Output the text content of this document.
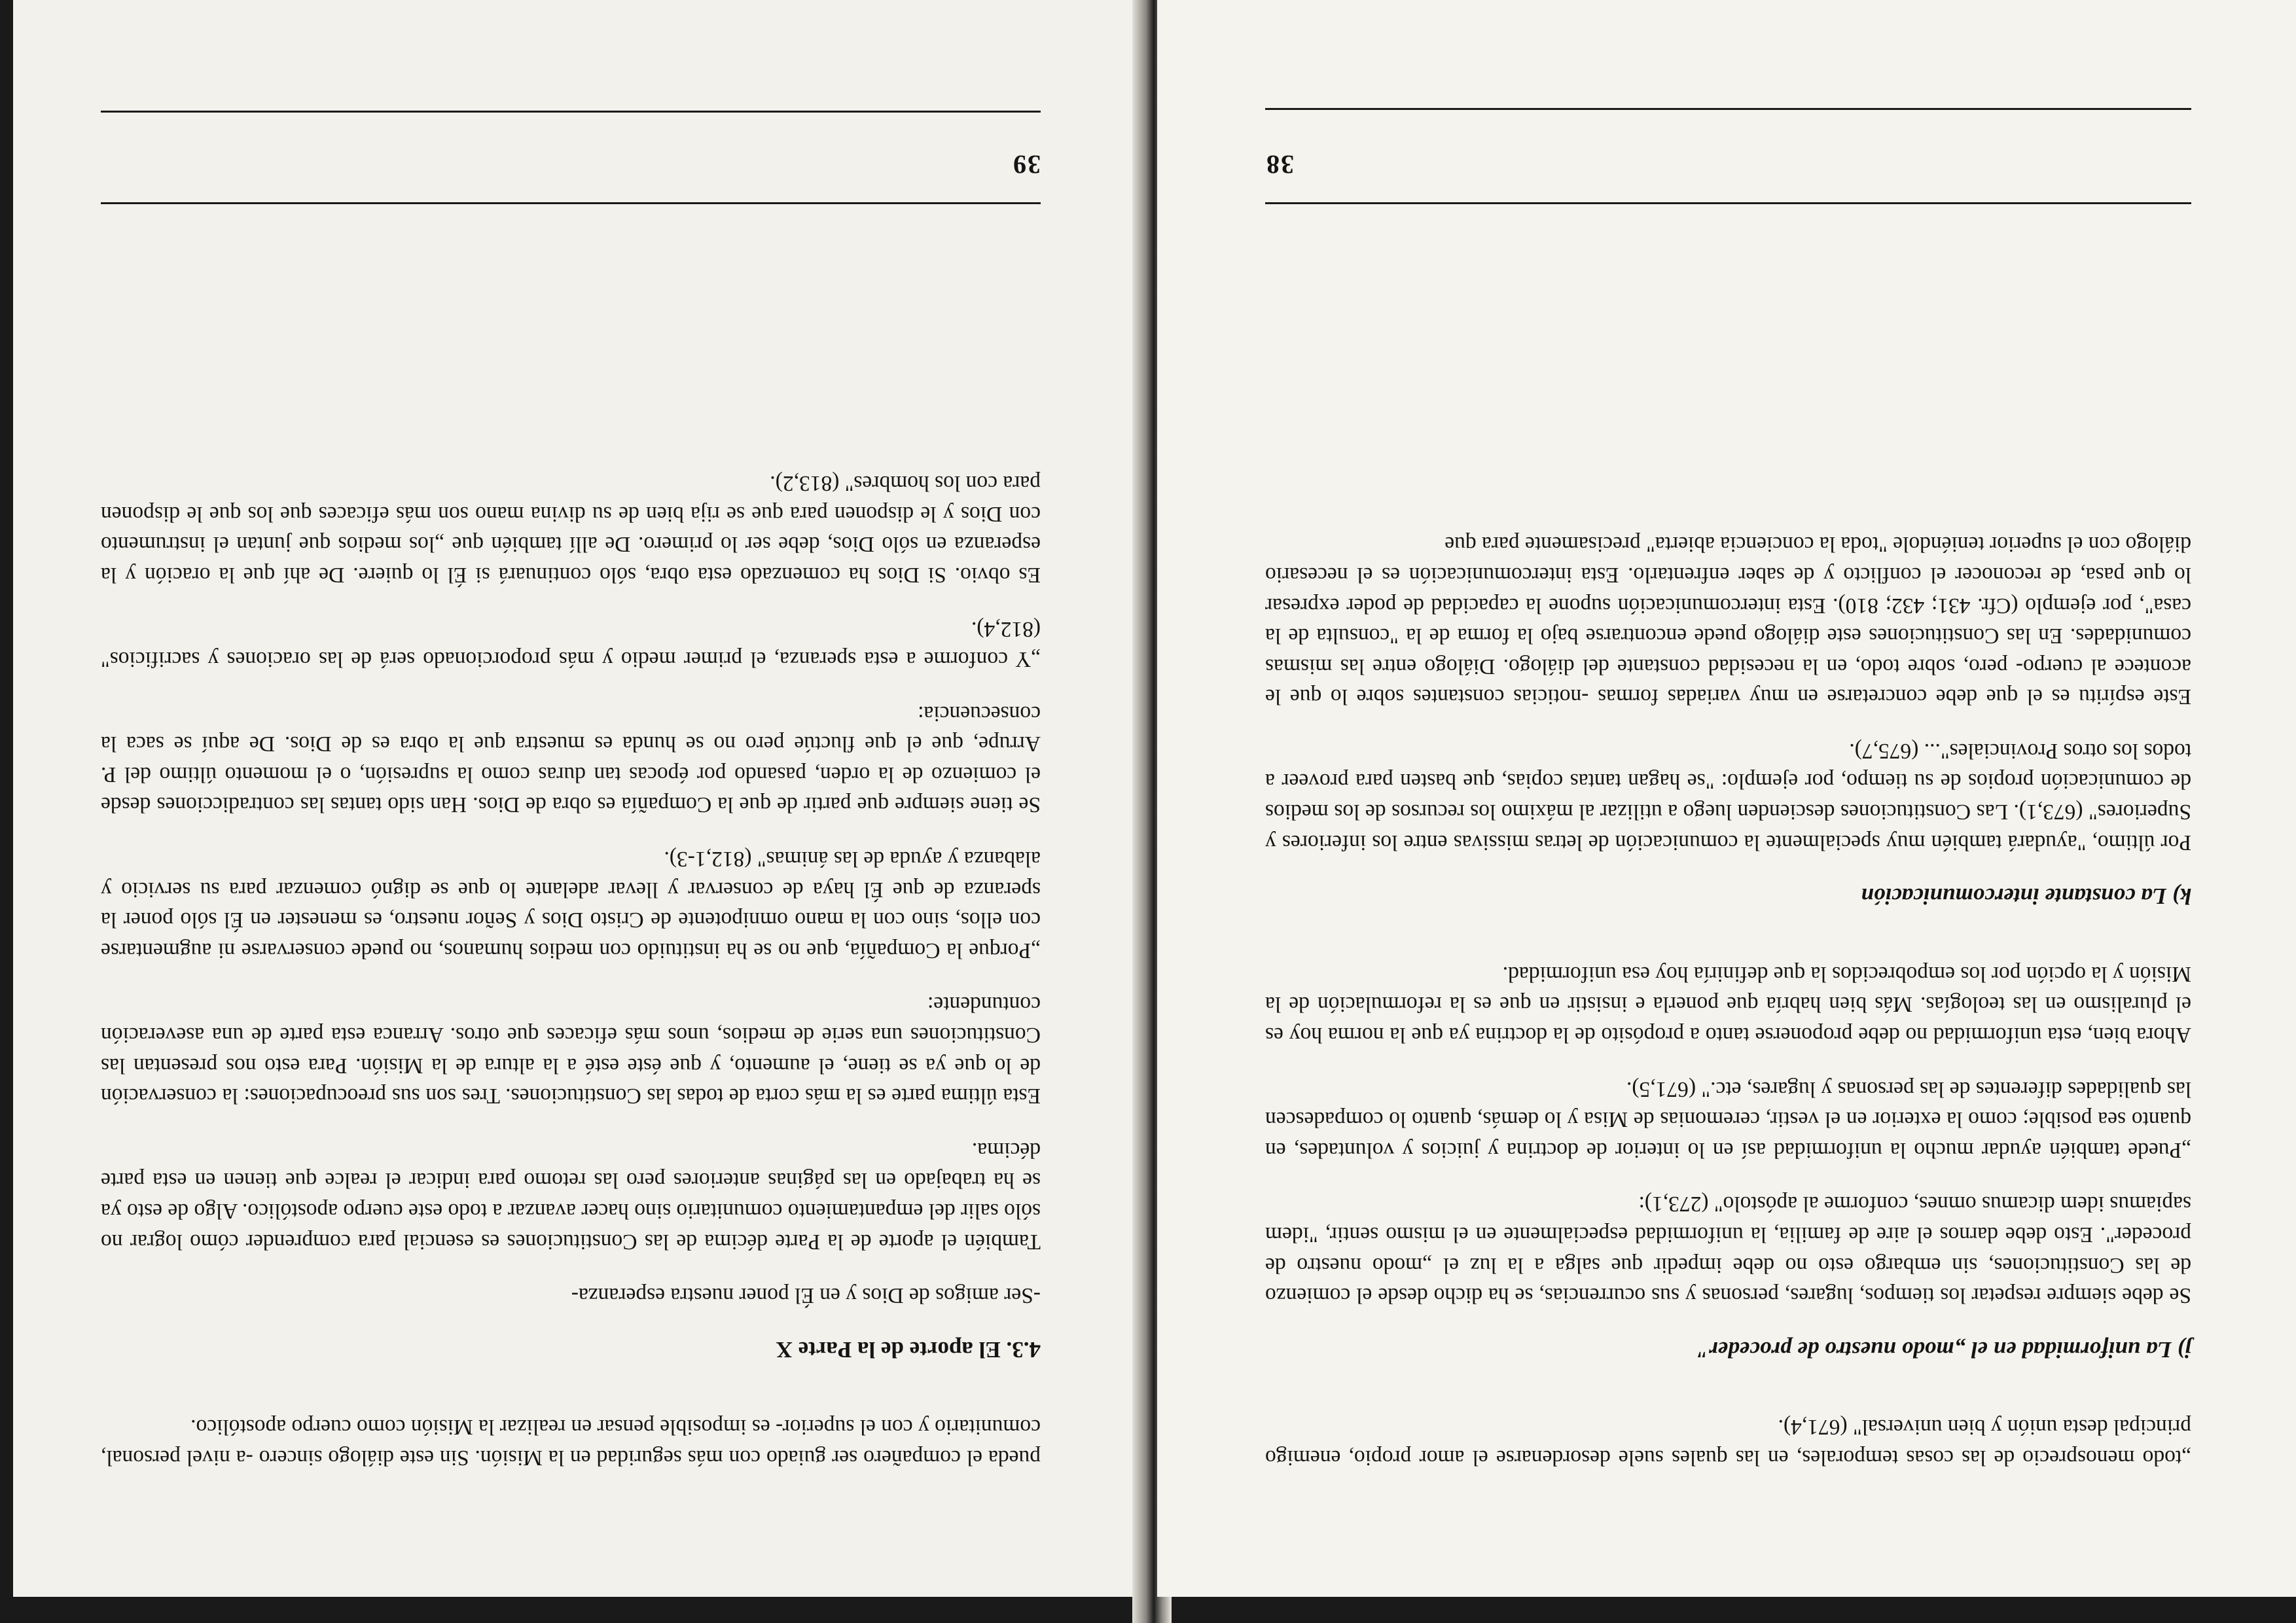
39

pueda el compañero ser guiado con más seguridad en la Misión. Sin este diálogo sincero -a nivel personal, comunitario y con el superior- es imposible pensar en realizar la Misión como cuerpo apostólico.

4.3. El aporte de la Parte X

-Ser amigos de Dios y en Él poner nuestra esperanza-

También el aporte de la Parte décima de las Constituciones es esencial para comprender cómo lograr no sólo salir del empantamiento comunitario sino hacer avanzar a todo este cuerpo apostólico. Algo de esto ya se ha trabajado en las páginas anteriores pero las retomo para indicar el realce que tienen en esta parte décima.

Esta última parte es la más corta de todas las Constituciones. Tres son sus preocupaciones: la conservación de lo que ya se tiene, el aumento, y que éste esté a la altura de la Misión. Para esto nos presentan las Constituciones una serie de medios, unos más eficaces que otros. Arranca esta parte de una aseveración contundente:

„Porque la Compañía, que no se ha instituido con medios humanos, no puede conservarse ni augmentarse con ellos, sino con la mano omnipotente de Cristo Dios y Señor nuestro, es menester en Él sólo poner la speranza de que Él haya de conservar y llevar adelante lo que se dignó comenzar para su servicio y alabanza y ayuda de las ánimas" (812,1-3).

Se tiene siempre que partir de que la Compañía es obra de Dios. Han sido tantas las contradicciones desde el comienzo de la orden, pasando por épocas tan duras como la supresión, o el momento último del P. Arrupe, que el que fluctúe pero no se hunda es muestra que la obra es de Dios. De aquí se saca la consecuencia:

„Y conforme a esta speranza, el primer medio y más proporcionado será de las oraciones y sacrificios" (812,4).

Es obvio. Si Dios ha comenzado esta obra, sólo continuará si Él lo quiere. De ahí que la oración y la esperanza en sólo Dios, debe ser lo primero. De allí también que „los medios que juntan el instrumento con Dios y le disponen para que se rija bien de su divina mano son más eficaces que los que le disponen para con los hombres" (813,2).

38

„todo menosprecio de las cosas temporales, en las quales suele desordenarse el amor propio, enemigo principal desta unión y bien universal" (671,4).

j) La uniformidad en el „modo nuestro de proceder"

Se debe siempre respetar los tiempos, lugares, personas y sus ocurrencias, se ha dicho desde el comienzo de las Constituciones, sin embargo esto no debe impedir que salga a la luz el „modo nuestro de proceder". Esto debe darnos el aire de familia, la uniformidad especialmente en el mismo sentir, "idem sapiamus idem dicamus omnes, conforme al apóstolo" (273,1):

„Puede también ayudar mucho la uniformidad así en lo interior de doctrina y juicios y voluntades, en quanto sea posible; como la exterior en el vestir, ceremonias de Misa y lo demás, quanto lo compadescen las qualidades diferentes de las personas y lugares, etc." (671,5).

Ahora bien, esta uniformidad no debe proponerse tanto a propósito de la doctrina ya que la norma hoy es el pluralismo en las teologías. Más bien habría que ponerla e insistir en que es la reformulación de la Misión y la opción por los empobrecidos la que definiría hoy esa uniformidad.

k) La constante intercomunicación

Por último, "ayudará también muy specialmente la comunicación de letras missivas entre los inferiores y Superiores" (673,1). Las Constituciones descienden luego a utilizar al máximo los recursos de los medios de comunicación propios de su tiempo, por ejemplo: "se hagan tantas copias, que basten para proveer a todos los otros Provinciales"... (675,7).

Este espíritu es el que debe concretarse en muy variadas formas -noticias constantes sobre lo que le acontece al cuerpo- pero, sobre todo, en la necesidad constante del diálogo. Diálogo entre las mismas comunidades. En las Constituciones este diálogo puede encontrarse bajo la forma de la "consulta de la casa", por ejemplo (Cfr. 431; 432; 810). Esta intercomunicación supone la capacidad de poder expresar lo que pasa, de reconocer el conflicto y de saber enfrentarlo. Esta intercomunicación es el necesario diálogo con el superior teniéndole "toda la conciencia abierta" precisamente para que
